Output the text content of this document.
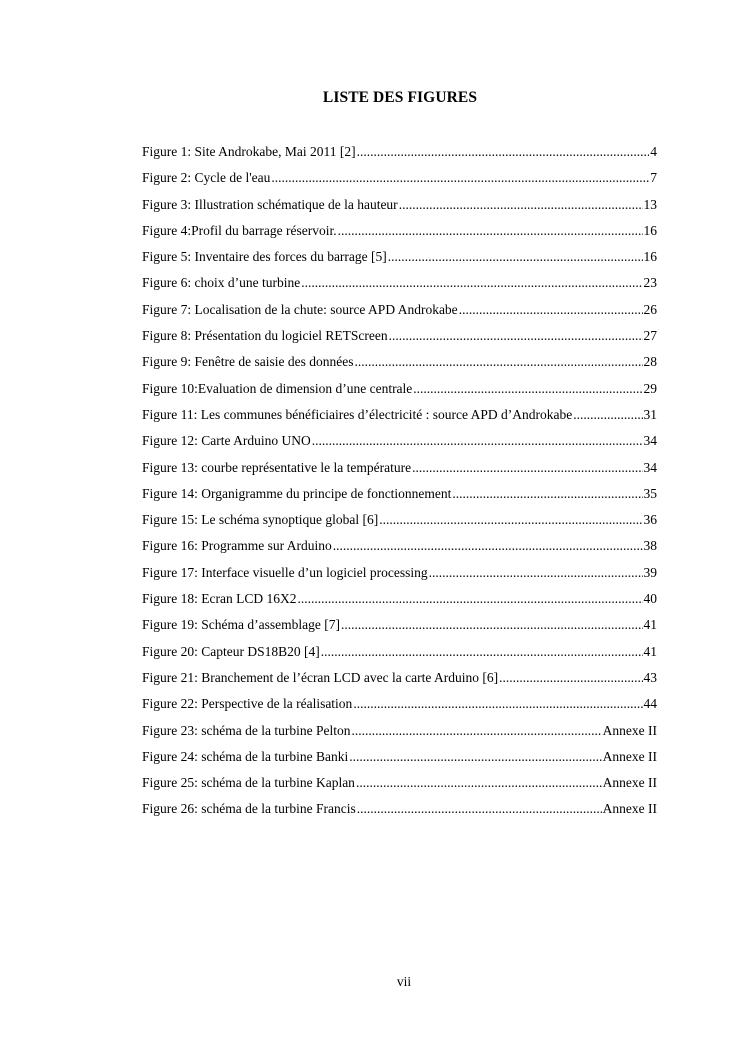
LISTE DES FIGURES
Figure 1: Site Androkabe, Mai 2011 [2] .....	4
Figure 2: Cycle de l'eau .....	7
Figure 3: Illustration schématique de la hauteur .....	13
Figure 4:Profil du barrage réservoir. .....	16
Figure 5: Inventaire des forces du barrage [5] .....	16
Figure 6: choix d’une turbine .....	23
Figure 7: Localisation de la chute: source APD Androkabe .....	26
Figure 8: Présentation du logiciel RETScreen .....	27
Figure 9: Fenêtre de saisie des données .....	28
Figure 10:Evaluation de dimension d’une centrale .....	29
Figure 11: Les communes bénéficiaires d’électricité : source APD d’Androkabe .....	31
Figure 12: Carte Arduino UNO .....	34
Figure 13: courbe représentative le la température .....	34
Figure 14: Organigramme du principe de fonctionnement .....	35
Figure 15: Le schéma synoptique global [6] .....	36
Figure 16: Programme sur Arduino .....	38
Figure 17: Interface visuelle d’un logiciel processing .....	39
Figure 18: Ecran LCD 16X2 .....	40
Figure 19: Schéma d’assemblage [7] .....	41
Figure 20: Capteur DS18B20 [4] .....	41
Figure 21: Branchement de l’écran LCD avec la carte Arduino [6] .....	43
Figure 22: Perspective de la réalisation .....	44
Figure 23: schéma de la turbine Pelton .....	Annexe II
Figure 24: schéma de la turbine Banki .....	Annexe II
Figure 25: schéma de la turbine Kaplan .....	Annexe II
Figure 26: schéma de la turbine Francis .....	Annexe II
vii
